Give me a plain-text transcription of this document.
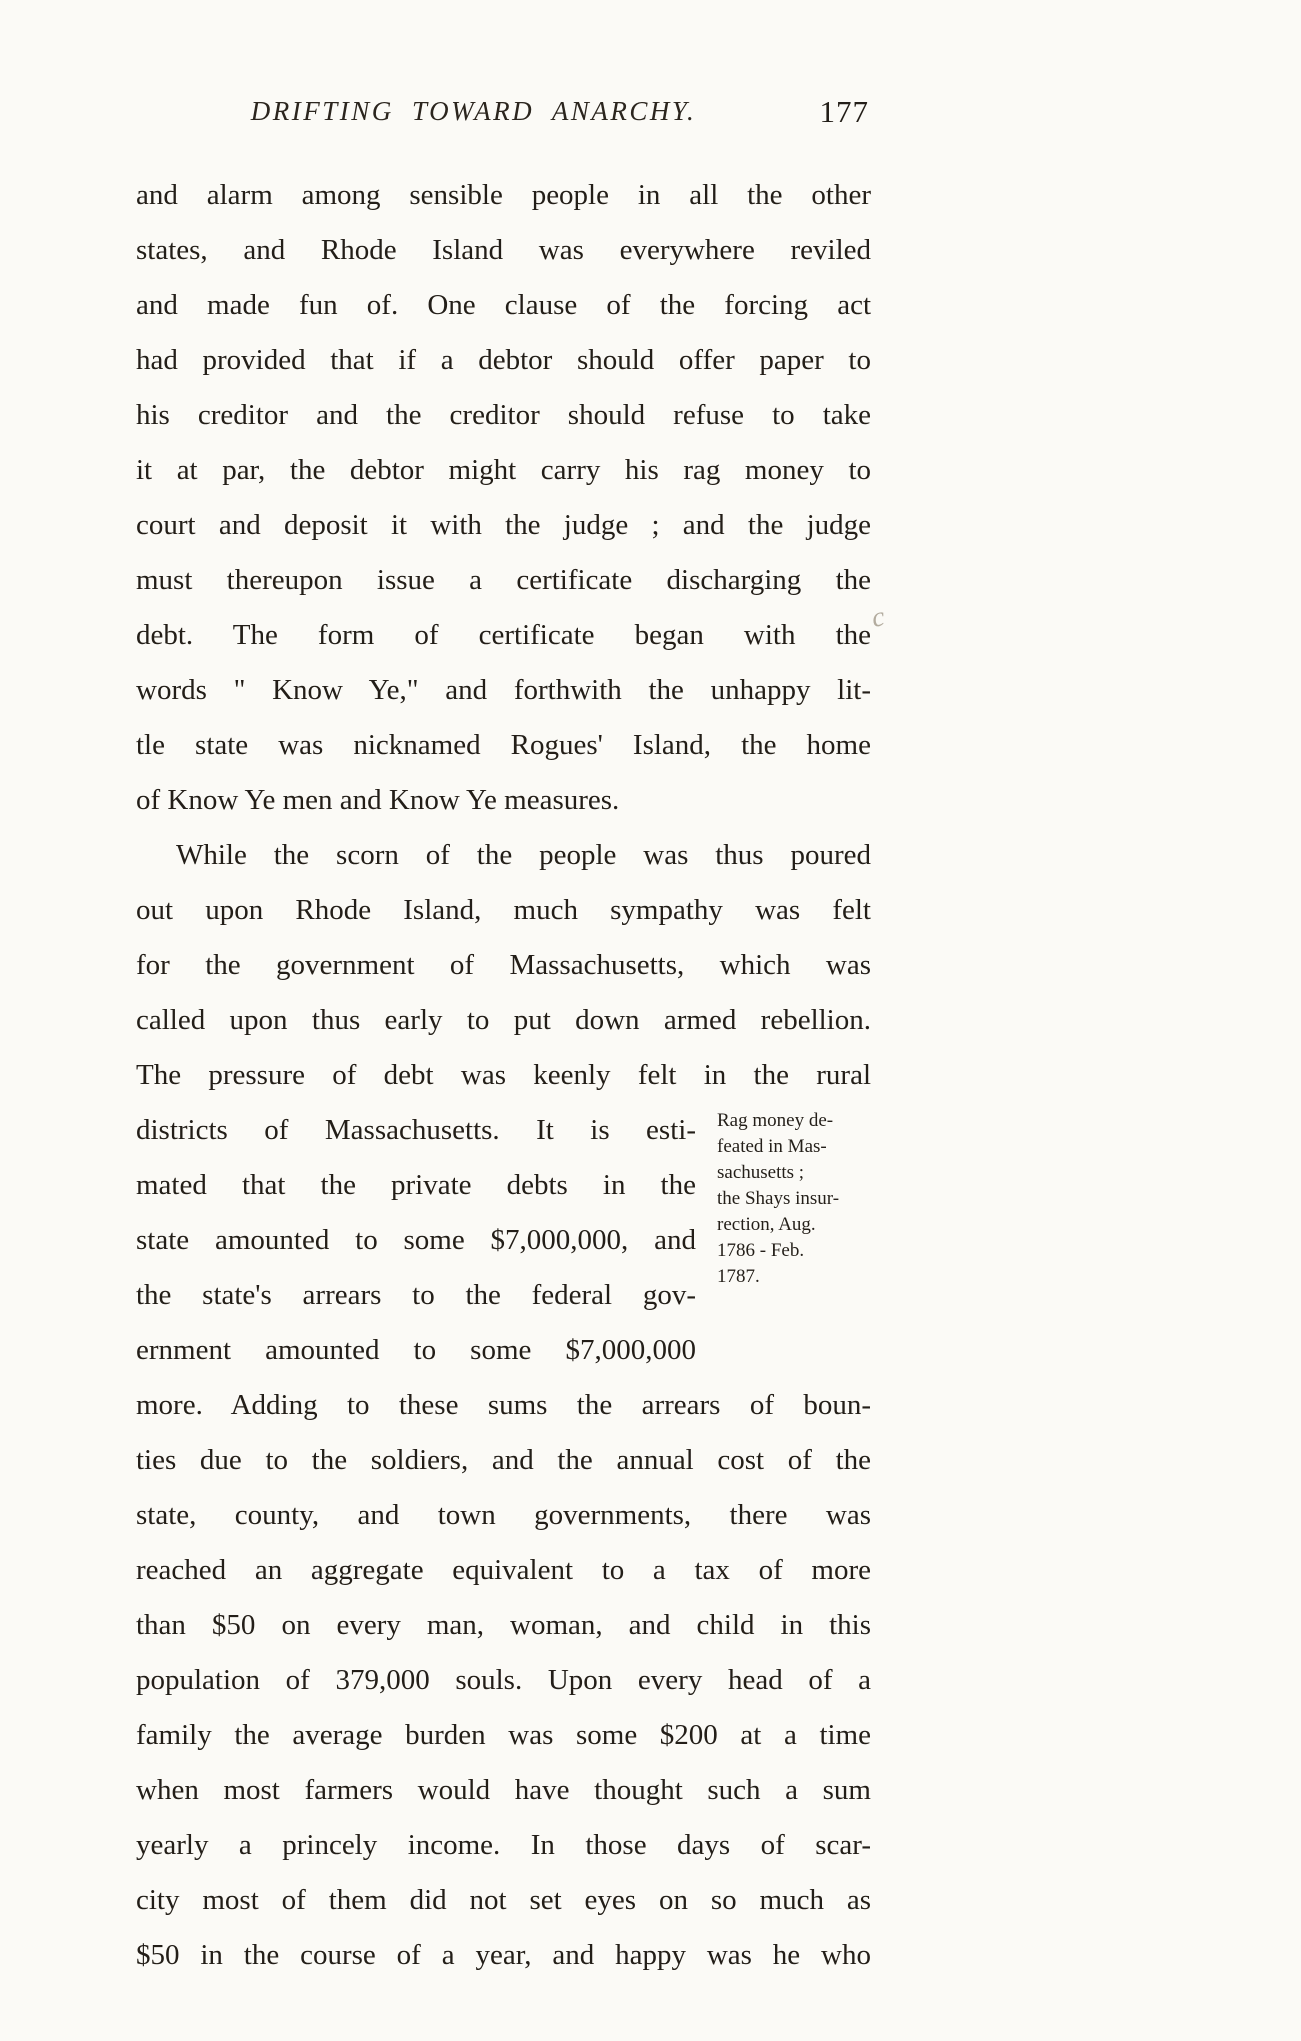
DRIFTING TOWARD ANARCHY.	177
c
and alarm among sensible people in all the other
states, and Rhode Island was everywhere reviled
and made fun of. One clause of the forcing act
had provided that if a debtor should offer paper to
his creditor and the creditor should refuse to take
it at par, the debtor might carry his rag money to
court and deposit it with the judge ; and the judge
must thereupon issue a certificate discharging the
debt. The form of certificate began with the
words " Know Ye," and forthwith the unhappy lit-
tle state was nicknamed Rogues' Island, the home
of Know Ye men and Know Ye measures.
While the scorn of the people was thus poured
out upon Rhode Island, much sympathy was felt
for the government of Massachusetts, which was
called upon thus early to put down armed rebellion.
The pressure of debt was keenly felt in the rural
districts of Massachusetts. It is esti-
mated that the private debts in the
state amounted to some $7,000,000, and
the state's arrears to the federal gov-
ernment amounted to some $7,000,000
more. Adding to these sums the arrears of boun-
ties due to the soldiers, and the annual cost of the
state, county, and town governments, there was
reached an aggregate equivalent to a tax of more
than $50 on every man, woman, and child in this
population of 379,000 souls. Upon every head of a
family the average burden was some $200 at a time
when most farmers would have thought such a sum
yearly a princely income. In those days of scar-
city most of them did not set eyes on so much as
$50 in the course of a year, and happy was he who
Rag money de-
feated in Mas-
sachusetts ;
the Shays insur-
rection, Aug.
1786 - Feb.
1787.
